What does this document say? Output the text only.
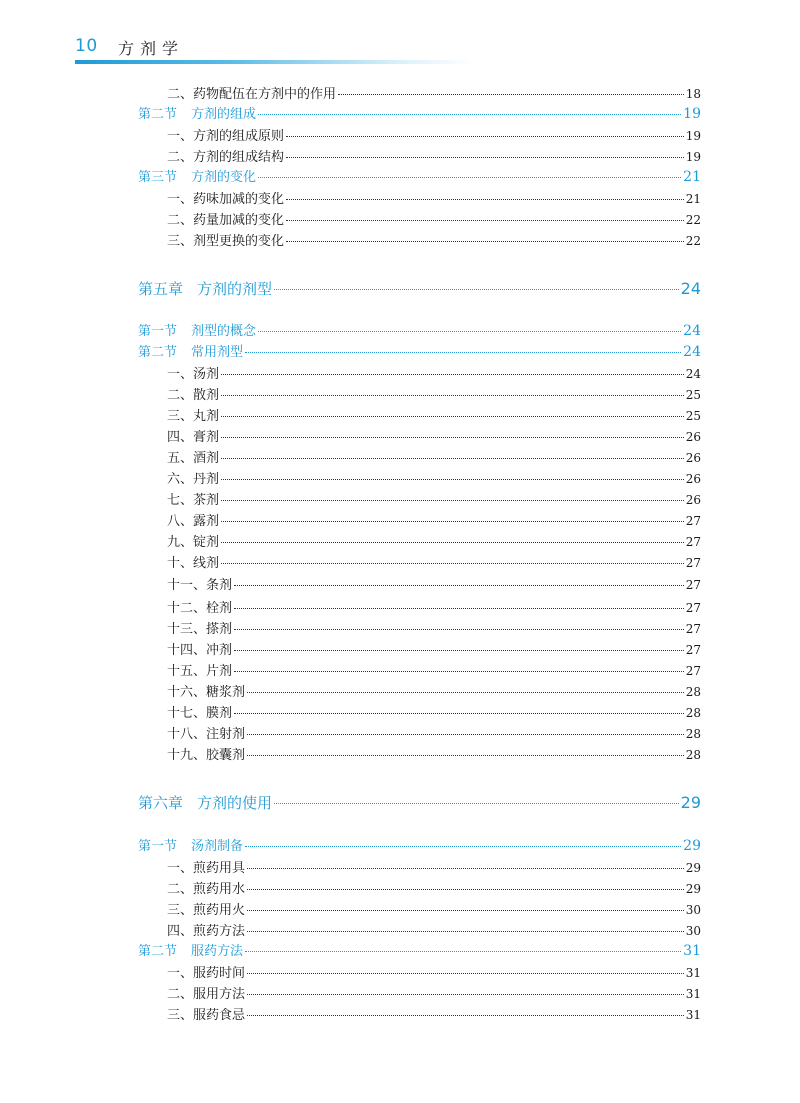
10 方剂学
二、药物配伍在方剂中的作用	18
第二节 方剂的组成	19
一、方剂的组成原则	19
二、方剂的组成结构	19
第三节 方剂的变化	21
一、药味加减的变化	21
二、药量加减的变化	22
三、剂型更换的变化	22
第五章 方剂的剂型	24
第一节 剂型的概念	24
第二节 常用剂型	24
一、汤剂	24
二、散剂	25
三、丸剂	25
四、膏剂	26
五、酒剂	26
六、丹剂	26
七、茶剂	26
八、露剂	27
九、锭剂	27
十、线剂	27
十一、条剂	27
十二、栓剂	27
十三、搽剂	27
十四、冲剂	27
十五、片剂	27
十六、糖浆剂	28
十七、膜剂	28
十八、注射剂	28
十九、胶囊剂	28
第六章 方剂的使用	29
第一节 汤剂制备	29
一、煎药用具	29
二、煎药用水	29
三、煎药用火	30
四、煎药方法	30
第二节 服药方法	31
一、服药时间	31
二、服用方法	31
三、服药食忌	31
